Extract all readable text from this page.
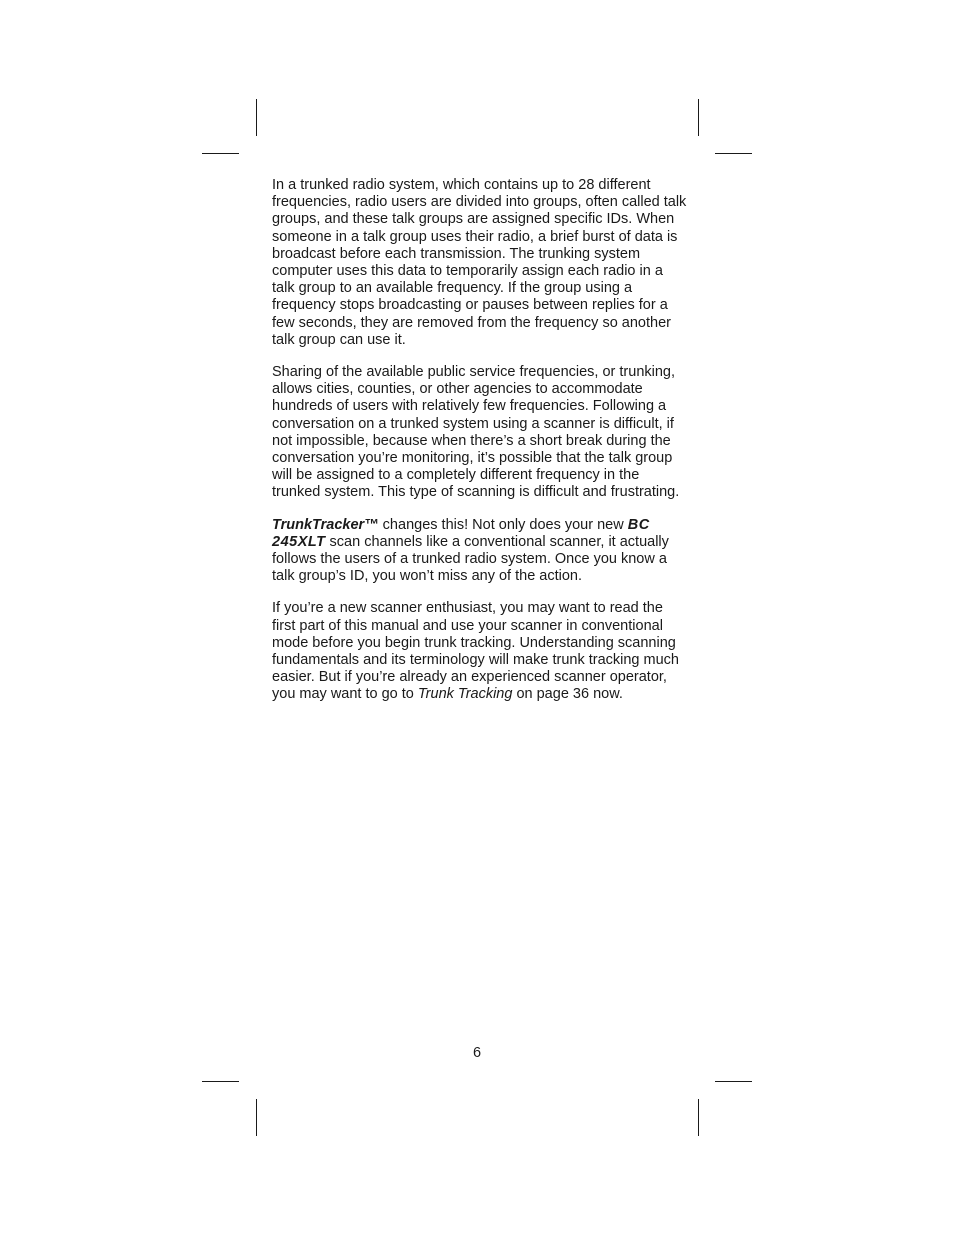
In a trunked radio system, which contains up to 28 different frequencies, radio users are divided into groups, often called talk groups, and these talk groups are assigned specific IDs. When someone in a talk group uses their radio, a brief burst of data is broadcast before each transmission. The trunking system computer uses this data to temporarily assign each radio in a talk group to an available frequency. If the group using a frequency stops broadcasting or pauses between replies for a few seconds, they are removed from the frequency so another talk group can use it.

Sharing of the available public service frequencies, or trunking, allows cities, counties, or other agencies to accommodate hundreds of users with relatively few frequencies. Following a conversation on a trunked system using a scanner is difficult, if not impossible, because when there’s a short break during the conversation you’re monitoring, it’s possible that the talk group will be assigned to a completely different frequency in the trunked system. This type of scanning is difficult and frustrating.

TrunkTracker™ changes this! Not only does your new BC 245XLT scan channels like a conventional scanner, it actually follows the users of a trunked radio system. Once you know a talk group’s ID, you won’t miss any of the action.

If you’re a new scanner enthusiast, you may want to read the first part of this manual and use your scanner in conventional mode before you begin trunk tracking. Understanding scanning fundamentals and its terminology will make trunk tracking much easier. But if you’re already an experienced scanner operator, you may want to go to Trunk Tracking on page 36 now.

6
